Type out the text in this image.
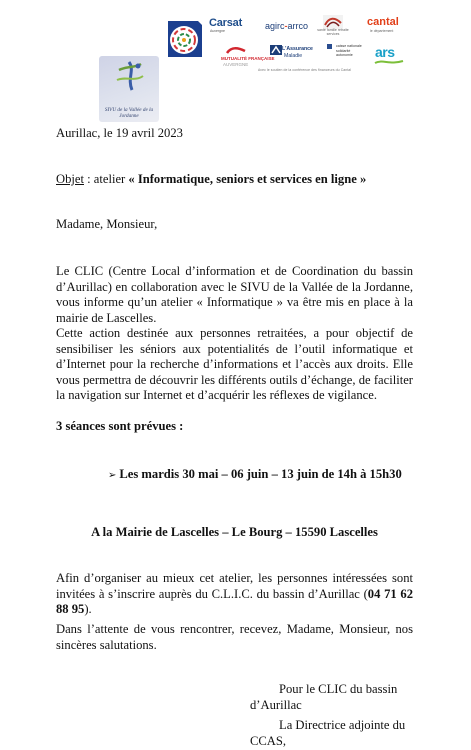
SIVU de la Vallée de la Jordanne
Carsat
Auvergne	agirc-arrco	santé famille retraite services
cantal
le département
MUTUALITÉ FRANÇAISE
AUVERGNE
L'Assurance
Maladie
caisse nationale solidarité autonomie	ars
Avec le soutien de la conférence des financeurs du Cantal
Aurillac, le 19 avril 2023
Objet : atelier « Informatique, seniors et services en ligne »
Madame, Monsieur,
Le CLIC (Centre Local d’information et de Coordination du bassin d’Aurillac) en collaboration avec le SIVU de la Vallée de la Jordanne, vous informe qu’un atelier « Informatique » va être mis en place à la mairie de Lascelles.
Cette action destinée aux personnes retraitées, a pour objectif de sensibiliser les séniors aux potentialités de l’outil informatique et d’Internet pour la recherche d’informations et l’accès aux droits. Elle vous permettra de découvrir les différents outils d’échange, de faciliter la navigation sur Internet et d’acquérir les réflexes de vigilance.
3 séances sont prévues :
➢ Les mardis 30 mai – 06 juin – 13 juin de 14h à 15h30
A la Mairie de Lascelles – Le Bourg – 15590 Lascelles
Afin d’organiser au mieux cet atelier, les personnes intéressées sont invitées à s’inscrire auprès du C.L.I.C. du bassin d’Aurillac (04 71 62 88 95).
Dans l’attente de vous rencontrer, recevez, Madame, Monsieur, nos sincères salutations.
Pour le CLIC du bassin d’Aurillac
La Directrice adjointe du CCAS,
